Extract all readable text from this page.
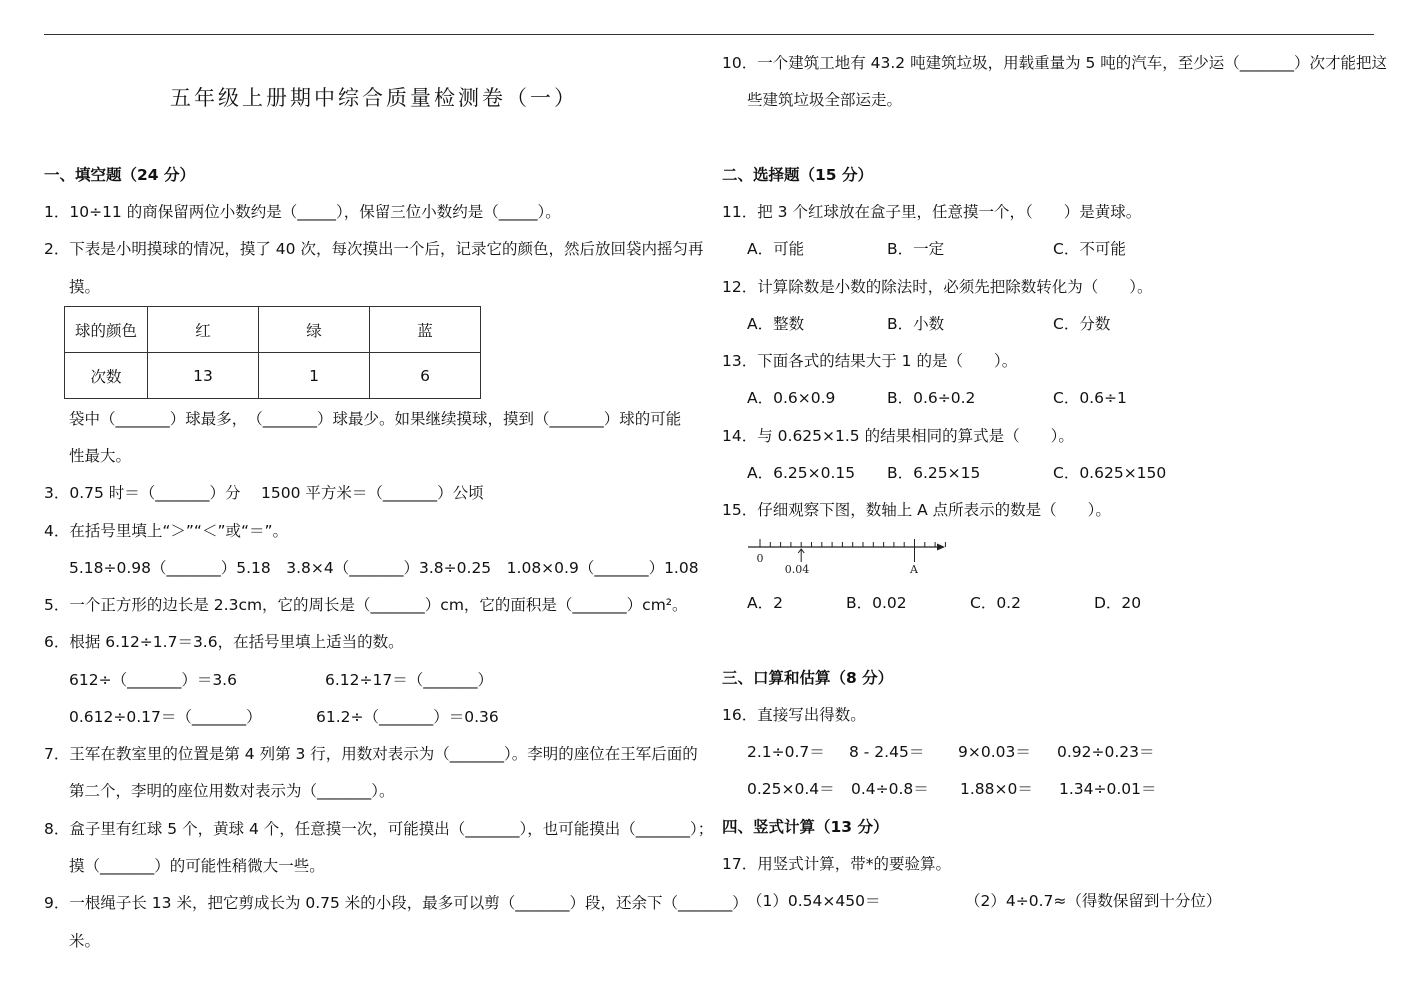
五年级上册期中综合质量检测卷（一）
一、填空题（24 分）
1．10÷11 的商保留两位小数约是（_____），保留三位小数约是（_____）。
2．下表是小明摸球的情况，摸了 40 次，每次摸出一个后，记录它的颜色，然后放回袋内摇匀再
摸。
球的颜色	红	绿	蓝
次数	13	1	6
袋中（_______）球最多，　（_______）球最少。如果继续摸球，摸到（_______）球的可能
性最大。
3．0.75 时＝（_______）分　 1500 平方米＝（_______）公顷
4．在括号里填上“＞”“＜”或“＝”。
5.18÷0.98（_______）5.18　3.8×4（_______）3.8÷0.25　1.08×0.9（_______）1.08
5．一个正方形的边长是 2.3cm，它的周长是（_______）cm，它的面积是（_______）cm²。
6．根据 6.12÷1.7＝3.6，在括号里填上适当的数。
612÷（_______）＝3.6	6.12÷17＝（_______）
0.612÷0.17＝（_______）	61.2÷（_______）＝0.36
7．王军在教室里的位置是第 4 列第 3 行，用数对表示为（_______）。李明的座位在王军后面的
第二个，李明的座位用数对表示为（_______）。
8．盒子里有红球 5 个，黄球 4 个，任意摸一次，可能摸出（_______），也可能摸出（_______）；
摸（_______）的可能性稍微大一些。
9．一根绳子长 13 米，把它剪成长为 0.75 米的小段，最多可以剪（_______）段，还余下（_______）
米。
10．一个建筑工地有 43.2 吨建筑垃圾，用载重量为 5 吨的汽车，至少运（_______）次才能把这
些建筑垃圾全部运走。
二、选择题（15 分）
11．把 3 个红球放在盒子里，任意摸一个，（　　）是黄球。
A．可能	B．一定	C．不可能
12．计算除数是小数的除法时，必须先把除数转化为（　　）。
A．整数	B．小数	C．分数
13．下面各式的结果大于 1 的是（　　）。
A．0.6×0.9	B．0.6÷0.2	C．0.6÷1
14．与 0.625×1.5 的结果相同的算式是（　　）。
A．6.25×0.15 B．6.25×15	C．0.625×150
15．仔细观察下图，数轴上 A 点所表示的数是（　　）。
0
0.04	A
A．2	B．0.02	C．0.2	D．20
三、口算和估算（8 分）
16．直接写出得数。
2.1÷0.7＝ 8 - 2.45＝ 9×0.03＝ 0.92÷0.23＝
0.25×0.4＝ 0.4÷0.8＝ 1.88×0＝ 1.34÷0.01＝
四、竖式计算（13 分）
17．用竖式计算，带*的要验算。
（1）0.54×450＝	（2）4÷0.7≈（得数保留到十分位）
